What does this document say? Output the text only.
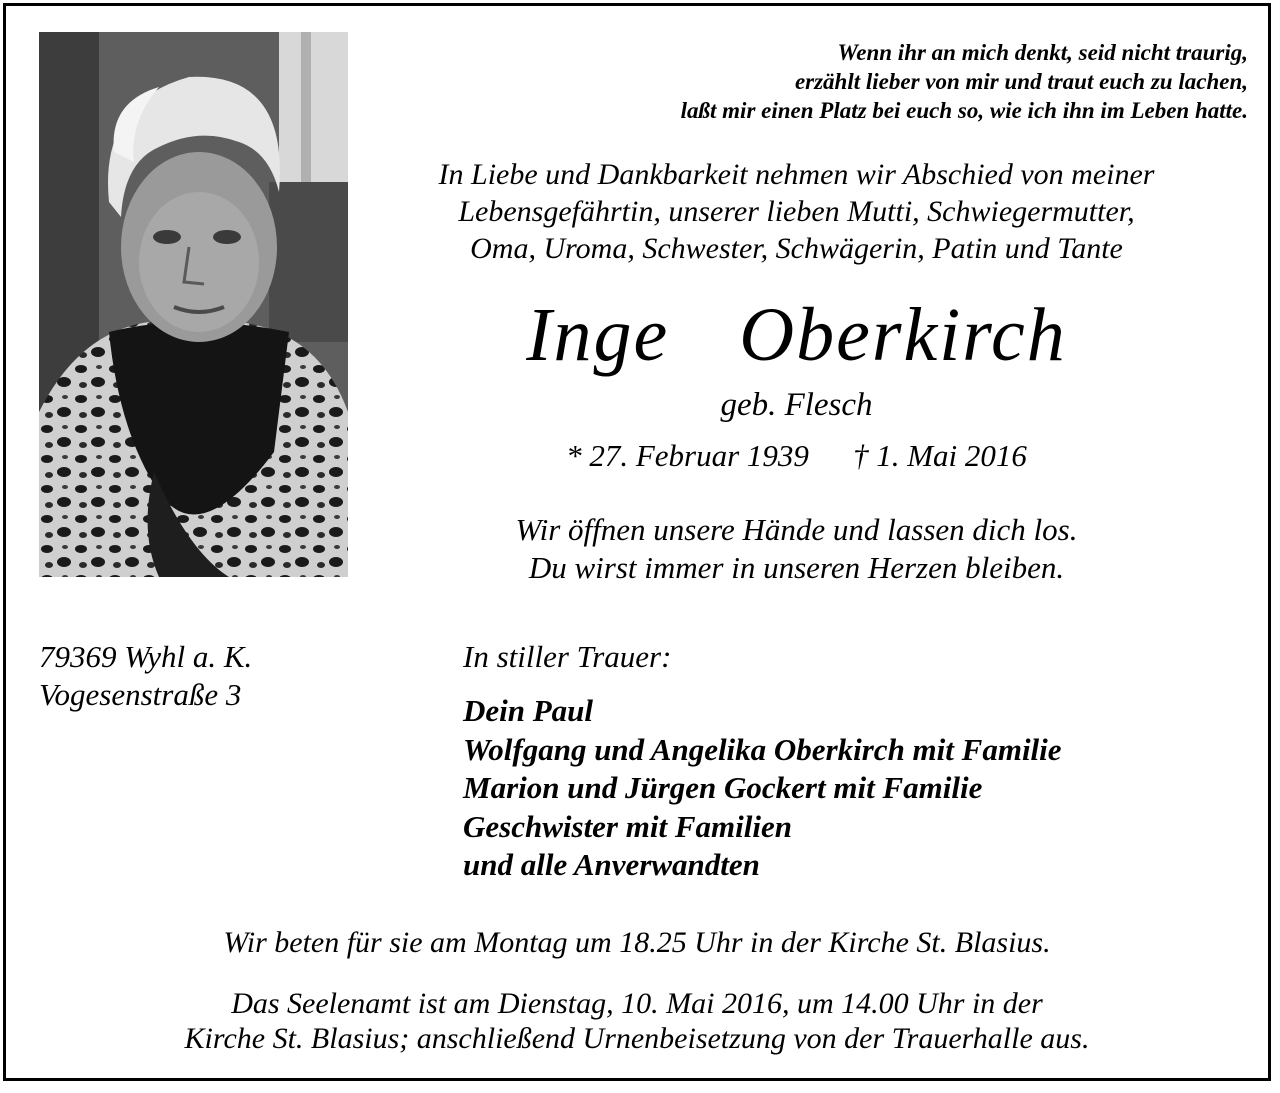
Wenn ihr an mich denkt, seid nicht traurig,
erzählt lieber von mir und traut euch zu lachen,
laßt mir einen Platz bei euch so, wie ich ihn im Leben hatte.
In Liebe und Dankbarkeit nehmen wir Abschied von meiner
Lebensgefährtin, unserer lieben Mutti, Schwiegermutter,
Oma, Uroma, Schwester, Schwägerin, Patin und Tante
Inge  Oberkirch
geb. Flesch
* 27. Februar 1939 † 1. Mai 2016
Wir öffnen unsere Hände und lassen dich los.
Du wirst immer in unseren Herzen bleiben.
79369 Wyhl a. K.
Vogesenstraße 3
In stiller Trauer:
Dein Paul
Wolfgang und Angelika Oberkirch mit Familie
Marion und Jürgen Gockert mit Familie
Geschwister mit Familien
und alle Anverwandten
Wir beten für sie am Montag um 18.25 Uhr in der Kirche St. Blasius.
Das Seelenamt ist am Dienstag, 10. Mai 2016, um 14.00 Uhr in der
Kirche St. Blasius; anschließend Urnenbeisetzung von der Trauerhalle aus.
